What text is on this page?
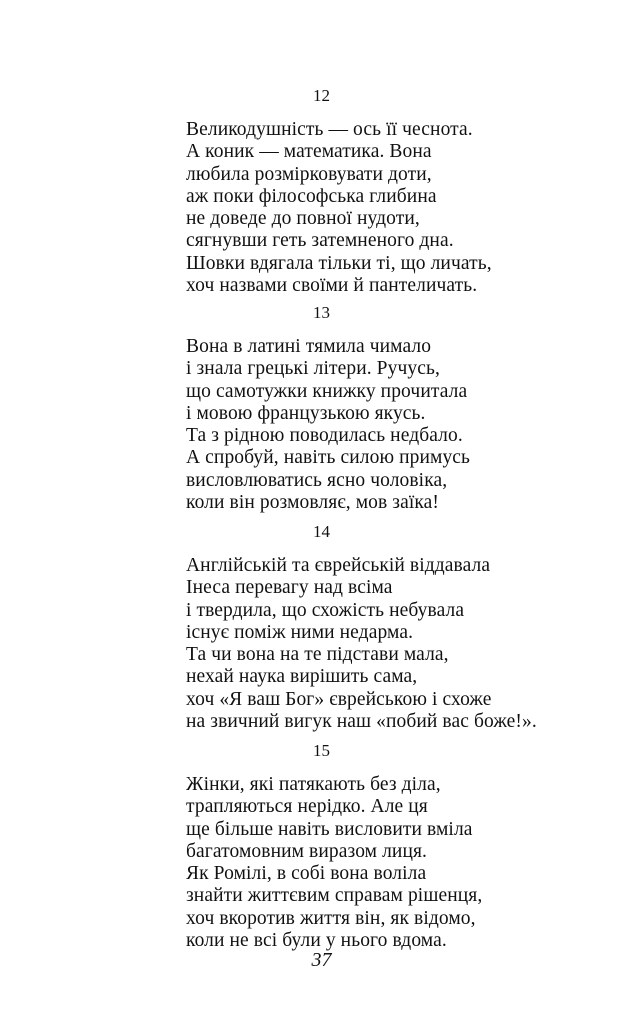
12
Великодушність — ось її чеснота.
А коник — математика. Вона
любила розмірковувати доти,
аж поки філософська глибина
не доведе до повної нудоти,
сягнувши геть затемненого дна.
Шовки вдягала тільки ті, що личать,
хоч назвами своїми й пантеличать.
13
Вона в латині тямила чимало
і знала грецькі літери. Ручусь,
що самотужки книжку прочитала
і мовою французькою якусь.
Та з рідною поводилась недбало.
А спробуй, навіть силою примусь
висловлюватись ясно чоловіка,
коли він розмовляє, мов заїка!
14
Англійській та єврейській віддавала
Інеса перевагу над всіма
і твердила, що схожість небувала
існує поміж ними недарма.
Та чи вона на те підстави мала,
нехай наука вирішить сама,
хоч «Я ваш Бог» єврейською і схоже
на звичний вигук наш «побий вас боже!».
15
Жінки, які патякають без діла,
трапляються нерідко. Але ця
ще більше навіть висловити вміла
багатомовним виразом лиця.
Як Ромілі, в собі вона воліла
знайти життєвим справам рішенця,
хоч вкоротив життя він, як відомо,
коли не всі були у нього вдома.
37
